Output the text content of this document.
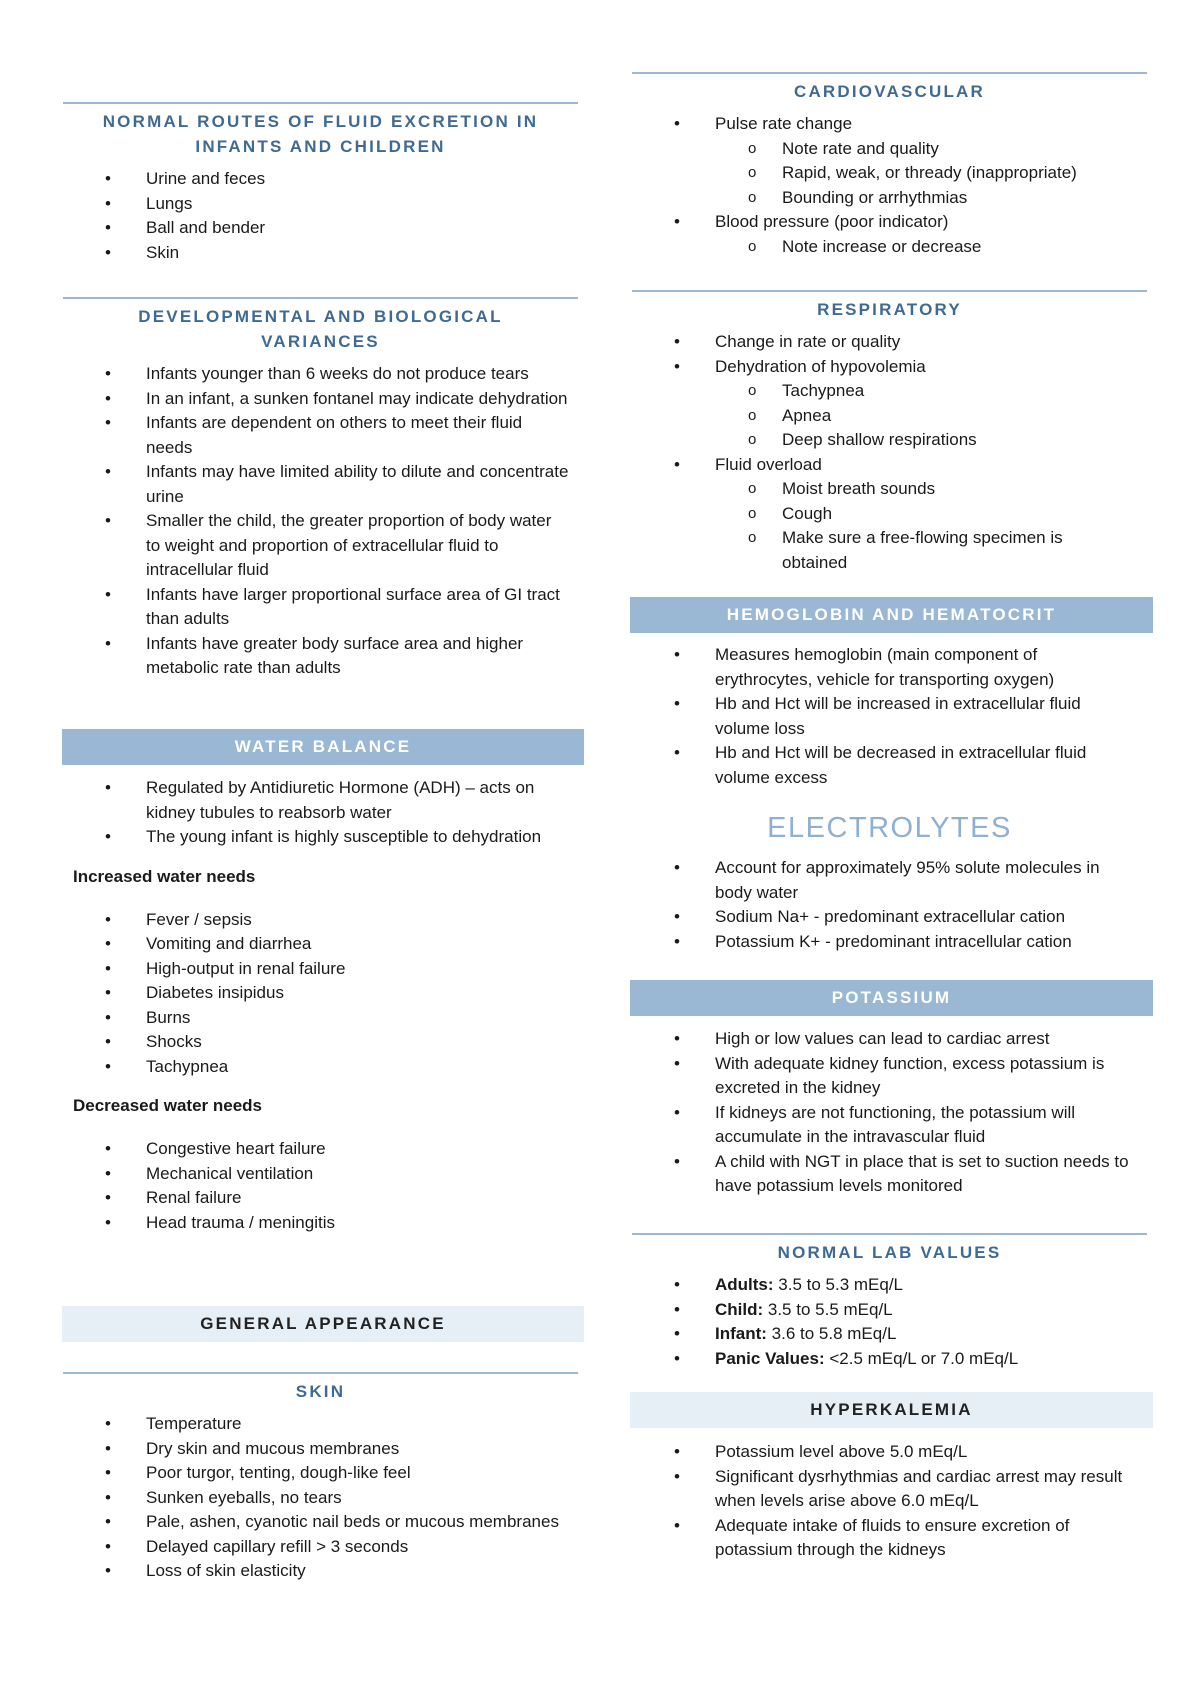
NORMAL ROUTES OF FLUID EXCRETION IN INFANTS AND CHILDREN
• Urine and feces
• Lungs
• Ball and bender
• Skin
DEVELOPMENTAL AND BIOLOGICAL VARIANCES
• Infants younger than 6 weeks do not produce tears
• In an infant, a sunken fontanel may indicate dehydration
• Infants are dependent on others to meet their fluid needs
• Infants may have limited ability to dilute and concentrate urine
• Smaller the child, the greater proportion of body water to weight and proportion of extracellular fluid to intracellular fluid
• Infants have larger proportional surface area of GI tract than adults
• Infants have greater body surface area and higher metabolic rate than adults
WATER BALANCE
• Regulated by Antidiuretic Hormone (ADH) – acts on kidney tubules to reabsorb water
• The young infant is highly susceptible to dehydration
Increased water needs
• Fever / sepsis
• Vomiting and diarrhea
• High-output in renal failure
• Diabetes insipidus
• Burns
• Shocks
• Tachypnea
Decreased water needs
• Congestive heart failure
• Mechanical ventilation
• Renal failure
• Head trauma / meningitis
GENERAL APPEARANCE
SKIN
• Temperature
• Dry skin and mucous membranes
• Poor turgor, tenting, dough-like feel
• Sunken eyeballs, no tears
• Pale, ashen, cyanotic nail beds or mucous membranes
• Delayed capillary refill > 3 seconds
• Loss of skin elasticity
CARDIOVASCULAR
• Pulse rate change
o Note rate and quality
o Rapid, weak, or thready (inappropriate)
o Bounding or arrhythmias
• Blood pressure (poor indicator)
o Note increase or decrease
RESPIRATORY
• Change in rate or quality
• Dehydration of hypovolemia
o Tachypnea
o Apnea
o Deep shallow respirations
• Fluid overload
o Moist breath sounds
o Cough
o Make sure a free-flowing specimen is obtained
HEMOGLOBIN AND HEMATOCRIT
• Measures hemoglobin (main component of erythrocytes, vehicle for transporting oxygen)
• Hb and Hct will be increased in extracellular fluid volume loss
• Hb and Hct will be decreased in extracellular fluid volume excess
ELECTROLYTES
• Account for approximately 95% solute molecules in body water
• Sodium Na+ - predominant extracellular cation
• Potassium K+ - predominant intracellular cation
POTASSIUM
• High or low values can lead to cardiac arrest
• With adequate kidney function, excess potassium is excreted in the kidney
• If kidneys are not functioning, the potassium will accumulate in the intravascular fluid
• A child with NGT in place that is set to suction needs to have potassium levels monitored
NORMAL LAB VALUES
• Adults: 3.5 to 5.3 mEq/L
• Child: 3.5 to 5.5 mEq/L
• Infant: 3.6 to 5.8 mEq/L
• Panic Values: <2.5 mEq/L or 7.0 mEq/L
HYPERKALEMIA
• Potassium level above 5.0 mEq/L
• Significant dysrhythmias and cardiac arrest may result when levels arise above 6.0 mEq/L
• Adequate intake of fluids to ensure excretion of potassium through the kidneys
